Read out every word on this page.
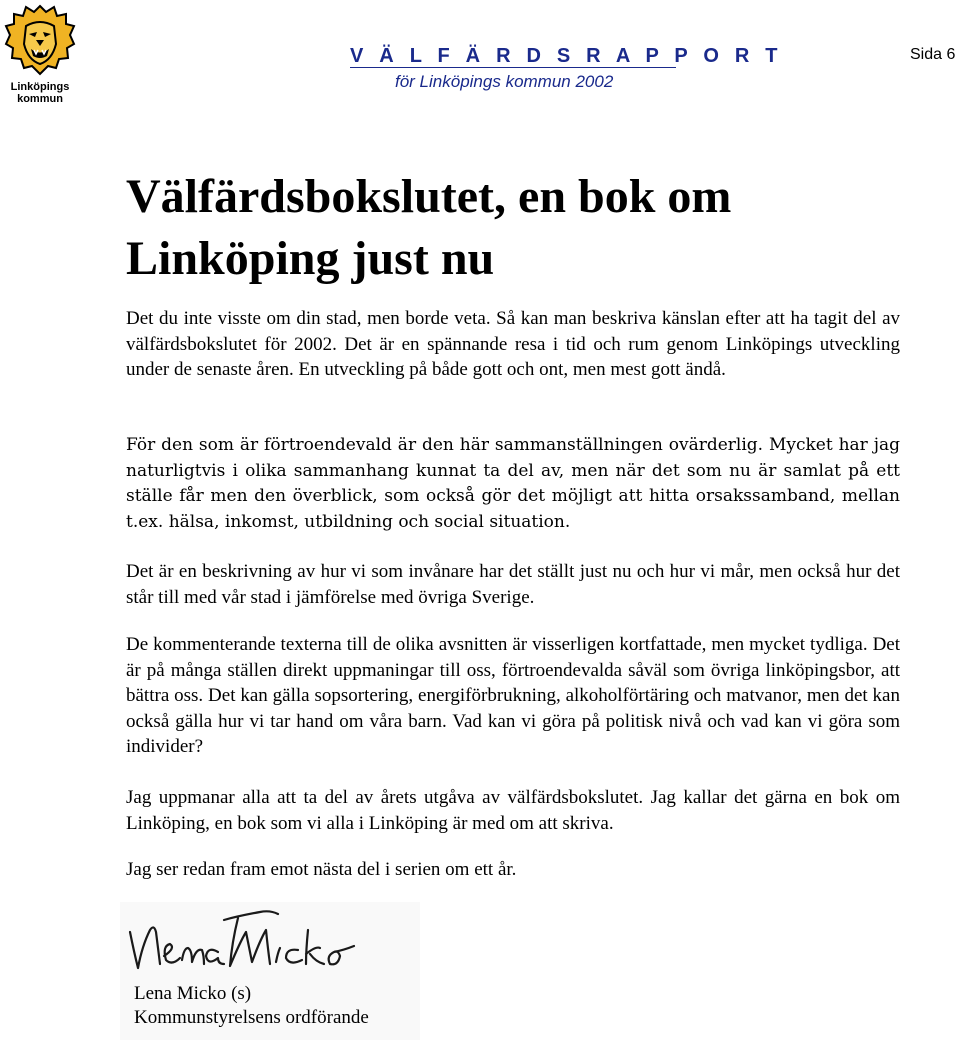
Linköpings kommun
V Ä L F Ä R D S R A P P O R T
för Linköpings kommun 2002
Sida 6
Välfärdsbokslutet, en bok om Linköping just nu

Det du inte visste om din stad, men borde veta. Så kan man beskriva känslan efter att ha tagit del av välfärdsbokslutet för 2002. Det är en spännande resa i tid och rum genom Linköpings utveckling under de senaste åren. En utveckling på både gott och ont, men mest gott ändå.

För den som är förtroendevald är den här sammanställningen ovärderlig. Mycket har jag naturligtvis i olika sammanhang kunnat ta del av, men när det som nu är samlat på ett ställe får men den överblick, som också gör det möjligt att hitta orsakssamband, mellan t.ex. hälsa, inkomst, utbildning och social situation.

Det är en beskrivning av hur vi som invånare har det ställt just nu och hur vi mår, men också hur det står till med vår stad i jämförelse med övriga Sverige.

De kommenterande texterna till de olika avsnitten är visserligen kortfattade, men mycket tydliga. Det är på många ställen direkt uppmaningar till oss, förtroendevalda såväl som övriga linköpingsbor, att bättra oss. Det kan gälla sopsortering, energiförbrukning, alkoholförtäring och matvanor, men det kan också gälla hur vi tar hand om våra barn. Vad kan vi göra på politisk nivå och vad kan vi göra som individer?

Jag uppmanar alla att ta del av årets utgåva av välfärdsbokslutet. Jag kallar det gärna en bok om Linköping, en bok som vi alla i Linköping är med om att skriva.

Jag ser redan fram emot nästa del i serien om ett år.

Lena Micko (s)
Kommunstyrelsens ordförande
